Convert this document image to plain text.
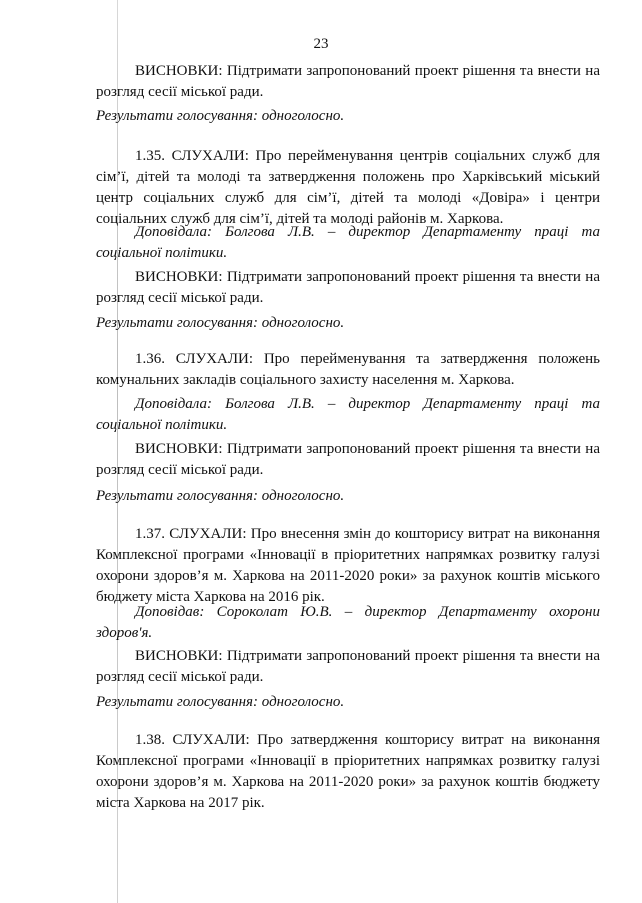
23

ВИСНОВКИ: Підтримати запропонований проект рішення та внести на розгляд сесії міської ради.

Результати голосування: одноголосно.

1.35. СЛУХАЛИ: Про перейменування центрів соціальних служб для сім’ї, дітей та молоді та затвердження положень про Харківський міський центр соціальних служб для сім’ї, дітей та молоді «Довіра» і центри соціальних служб для сім’ї, дітей та молоді районів м. Харкова.

Доповідала: Болгова Л.В. – директор Департаменту праці та соціальної політики.

ВИСНОВКИ: Підтримати запропонований проект рішення та внести на розгляд сесії міської ради.

Результати голосування: одноголосно.

1.36. СЛУХАЛИ: Про перейменування та затвердження положень комунальних закладів соціального захисту населення м. Харкова.

Доповідала: Болгова Л.В. – директор Департаменту праці та соціальної політики.

ВИСНОВКИ: Підтримати запропонований проект рішення та внести на розгляд сесії міської ради.

Результати голосування: одноголосно.

1.37. СЛУХАЛИ: Про внесення змін до кошторису витрат на виконання Комплексної програми «Інновації в пріоритетних напрямках розвитку галузі охорони здоров’я м. Харкова на 2011-2020 роки» за рахунок коштів міського бюджету міста Харкова на 2016 рік.

Доповідав: Сороколат Ю.В. – директор Департаменту охорони здоров'я.

ВИСНОВКИ: Підтримати запропонований проект рішення та внести на розгляд сесії міської ради.

Результати голосування: одноголосно.

1.38. СЛУХАЛИ: Про затвердження кошторису витрат на виконання Комплексної програми «Інновації в пріоритетних напрямках розвитку галузі охорони здоров’я м. Харкова на 2011-2020 роки» за рахунок коштів бюджету міста Харкова на 2017 рік.
